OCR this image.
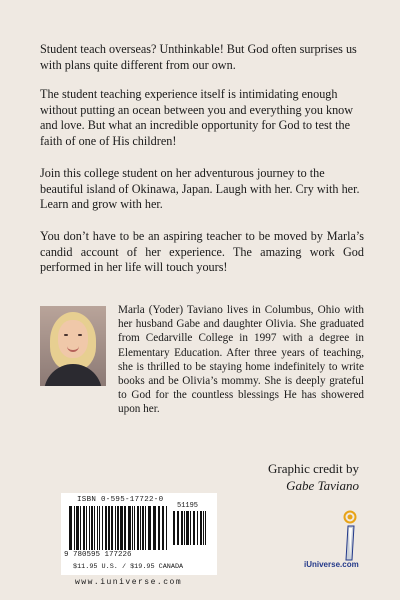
Student teach overseas? Unthinkable! But God often surprises us with plans quite different from our own.

The student teaching experience itself is intimidating enough without putting an ocean between you and everything you know and love. But what an incredible opportunity for God to test the faith of one of His children!

Join this college student on her adventurous journey to the beautiful island of Okinawa, Japan. Laugh with her. Cry with her. Learn and grow with her.

You don’t have to be an aspiring teacher to be moved by Marla’s candid account of her experience. The amazing work God performed in her life will touch yours!

Marla (Yoder) Taviano lives in Columbus, Ohio with her husband Gabe and daughter Olivia. She graduated from Cedarville College in 1997 with a degree in Elementary Education. After three years of teaching, she is thrilled to be staying home indefinitely to write books and be Olivia’s mommy. She is deeply grateful to God for the countless blessings He has showered upon her.

Graphic credit by

Gabe Taviano

ISBN 0-595-17722-0
51195
9 780595 177226
$11.95 U.S. / $19.95 CANADA
www.iuniverse.com
iUniverse.com
